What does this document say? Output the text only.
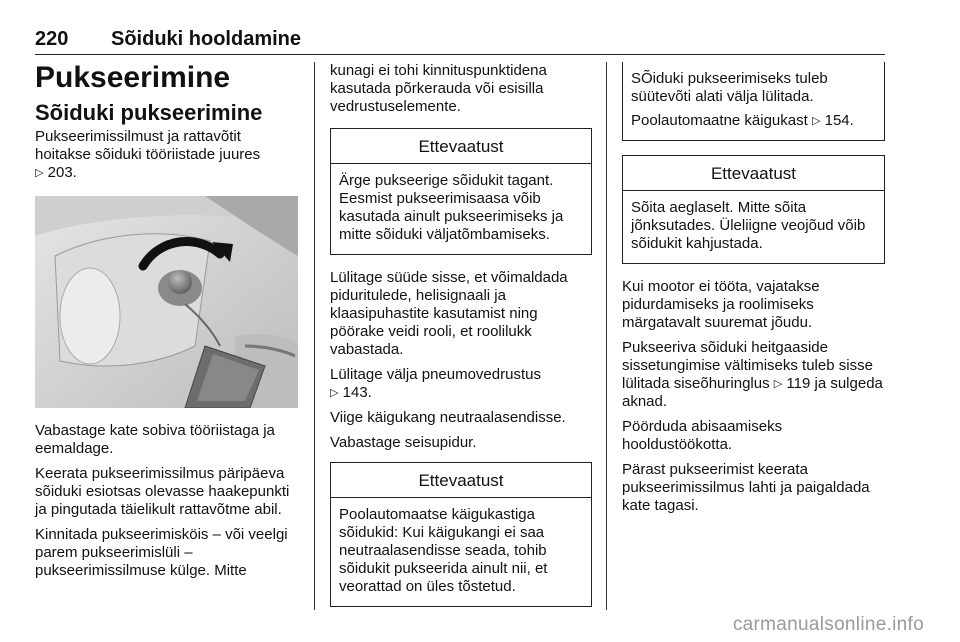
220 Sõiduki hooldamine
Pukseerimine
Sõiduki pukseerimine

Pukseerimissilmust ja rattavõtit hoitakse sõiduki tööriistade juures
▷ 203.

Vabastage kate sobiva tööriistaga ja eemaldage.

Keerata pukseerimissilmus päripäeva sõiduki esiotsas olevasse haakepunkti ja pingutada täielikult rattavõtme abil.

Kinnitada pukseerimisköis – või veelgi parem pukseerimislüli – pukseerimissilmuse külge. Mitte

kunagi ei tohi kinnituspunktidena kasutada põrkerauda või esisilla vedrustuselemente.

Ettevaatust

Ärge pukseerige sõidukit tagant. Eesmist pukseerimisaasa võib kasutada ainult pukseerimiseks ja mitte sõiduki väljatõmbamiseks.

Lülitage süüde sisse, et võimaldada piduritulede, helisignaali ja klaasipuhastite kasutamist ning pöörake veidi rooli, et roolilukk vabastada.

Lülitage välja pneumovedrustus
▷ 143.

Viige käigukang neutraalasendisse.

Vabastage seisupidur.

Ettevaatust

Poolautomaatse käigukastiga sõidukid: Kui käigukangi ei saa neutraalasendisse seada, tohib sõidukit pukseerida ainult nii, et veorattad on üles tõstetud.

SÕiduki pukseerimiseks tuleb süütevõti alati välja lülitada.

Poolautomaatne käigukast ▷ 154.

Ettevaatust

Sõita aeglaselt. Mitte sõita jõnksutades. Üleliigne veojõud võib sõidukit kahjustada.

Kui mootor ei tööta, vajatakse pidurdamiseks ja roolimiseks märgatavalt suuremat jõudu.

Pukseeriva sõiduki heitgaaside sissetungimise vältimiseks tuleb sisse lülitada siseõhuringlus ▷ 119 ja sulgeda aknad.

Pöörduda abisaamiseks hooldustöökotta.

Pärast pukseerimist keerata pukseerimissilmus lahti ja paigaldada kate tagasi.

carmanualsonline.info
